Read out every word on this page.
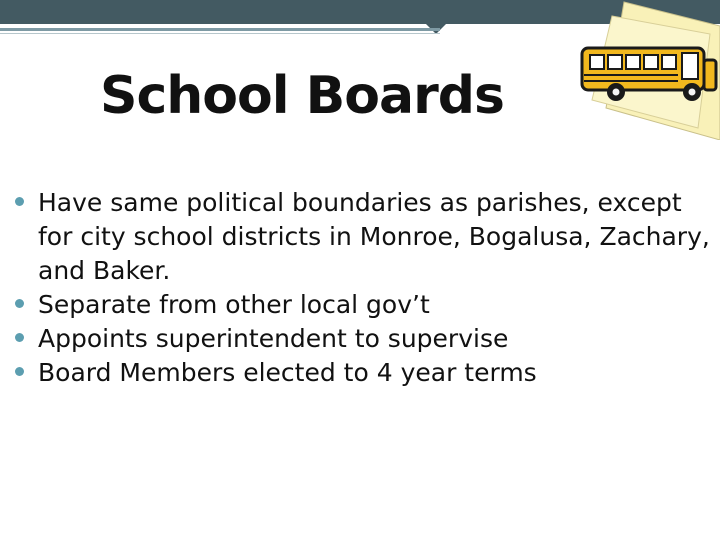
School Boards
Have same political boundaries as parishes, except for city school districts in Monroe, Bogalusa, Zachary, and Baker.
Separate from other local gov’t
Appoints superintendent to supervise
Board Members elected to 4 year terms
